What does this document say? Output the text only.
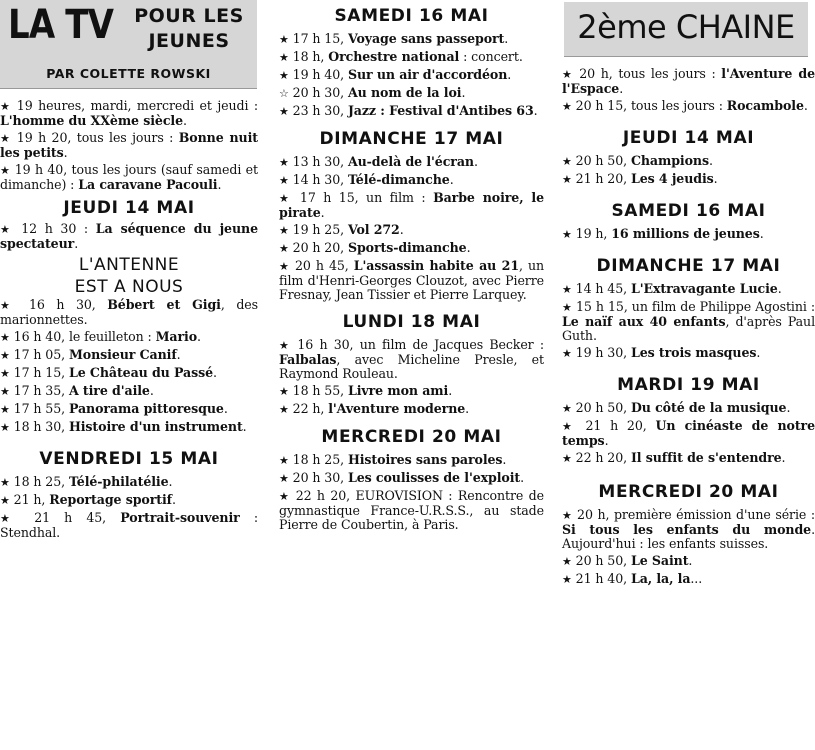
LA TV	POUR LES
JEUNES
PAR COLETTE ROWSKI
★ 19 heures, mardi, mercredi et jeudi : L'homme du XXème siècle.
★ 19 h 20, tous les jours : Bonne nuit les petits.
★ 19 h 40, tous les jours (sauf samedi et dimanche) : La caravane Pacouli.
JEUDI 14 MAI
★ 12 h 30 : La séquence du jeune spectateur.
L'ANTENNE
EST A NOUS
★ 16 h 30, Bébert et Gigi, des marionnettes.
★ 16 h 40, le feuilleton : Mario.
★ 17 h 05, Monsieur Canif.
★ 17 h 15, Le Château du Passé.
★ 17 h 35, A tire d'aile.
★ 17 h 55, Panorama pittoresque.
★ 18 h 30, Histoire d'un instrument.
VENDREDI 15 MAI
★ 18 h 25, Télé-philatélie.
★ 21 h, Reportage sportif.
★ 21 h 45, Portrait-souvenir : Stendhal.
SAMEDI 16 MAI
★ 17 h 15, Voyage sans passeport.
★ 18 h, Orchestre national : concert.
★ 19 h 40, Sur un air d'accordéon.
☆ 20 h 30, Au nom de la loi.
★ 23 h 30, Jazz : Festival d'Antibes 63.
DIMANCHE 17 MAI
★ 13 h 30, Au-delà de l'écran.
★ 14 h 30, Télé-dimanche.
★ 17 h 15, un film : Barbe noire, le pirate.
★ 19 h 25, Vol 272.
★ 20 h 20, Sports-dimanche.
★ 20 h 45, L'assassin habite au 21, un film d'Henri-Georges Clouzot, avec Pierre Fresnay, Jean Tissier et Pierre Larquey.
LUNDI 18 MAI
★ 16 h 30, un film de Jacques Becker : Falbalas, avec Micheline Presle, et Raymond Rouleau.
★ 18 h 55, Livre mon ami.
★ 22 h, l'Aventure moderne.
MERCREDI 20 MAI
★ 18 h 25, Histoires sans paroles.
★ 20 h 30, Les coulisses de l'exploit.
★ 22 h 20, EUROVISION : Rencontre de gymnastique France-U.R.S.S., au stade Pierre de Coubertin, à Paris.
2ème CHAINE
★ 20 h, tous les jours : l'Aventure de l'Espace.
★ 20 h 15, tous les jours : Rocambole.
JEUDI 14 MAI
★ 20 h 50, Champions.
★ 21 h 20, Les 4 jeudis.
SAMEDI 16 MAI
★ 19 h, 16 millions de jeunes.
DIMANCHE 17 MAI
★ 14 h 45, L'Extravagante Lucie.
★ 15 h 15, un film de Philippe Agostini : Le naïf aux 40 enfants, d'après Paul Guth.
★ 19 h 30, Les trois masques.
MARDI 19 MAI
★ 20 h 50, Du côté de la musique.
★ 21 h 20, Un cinéaste de notre temps.
★ 22 h 20, Il suffit de s'entendre.
MERCREDI 20 MAI
★ 20 h, première émission d'une série : Si tous les enfants du monde. Aujourd'hui : les enfants suisses.
★ 20 h 50, Le Saint.
★ 21 h 40, La, la, la...
